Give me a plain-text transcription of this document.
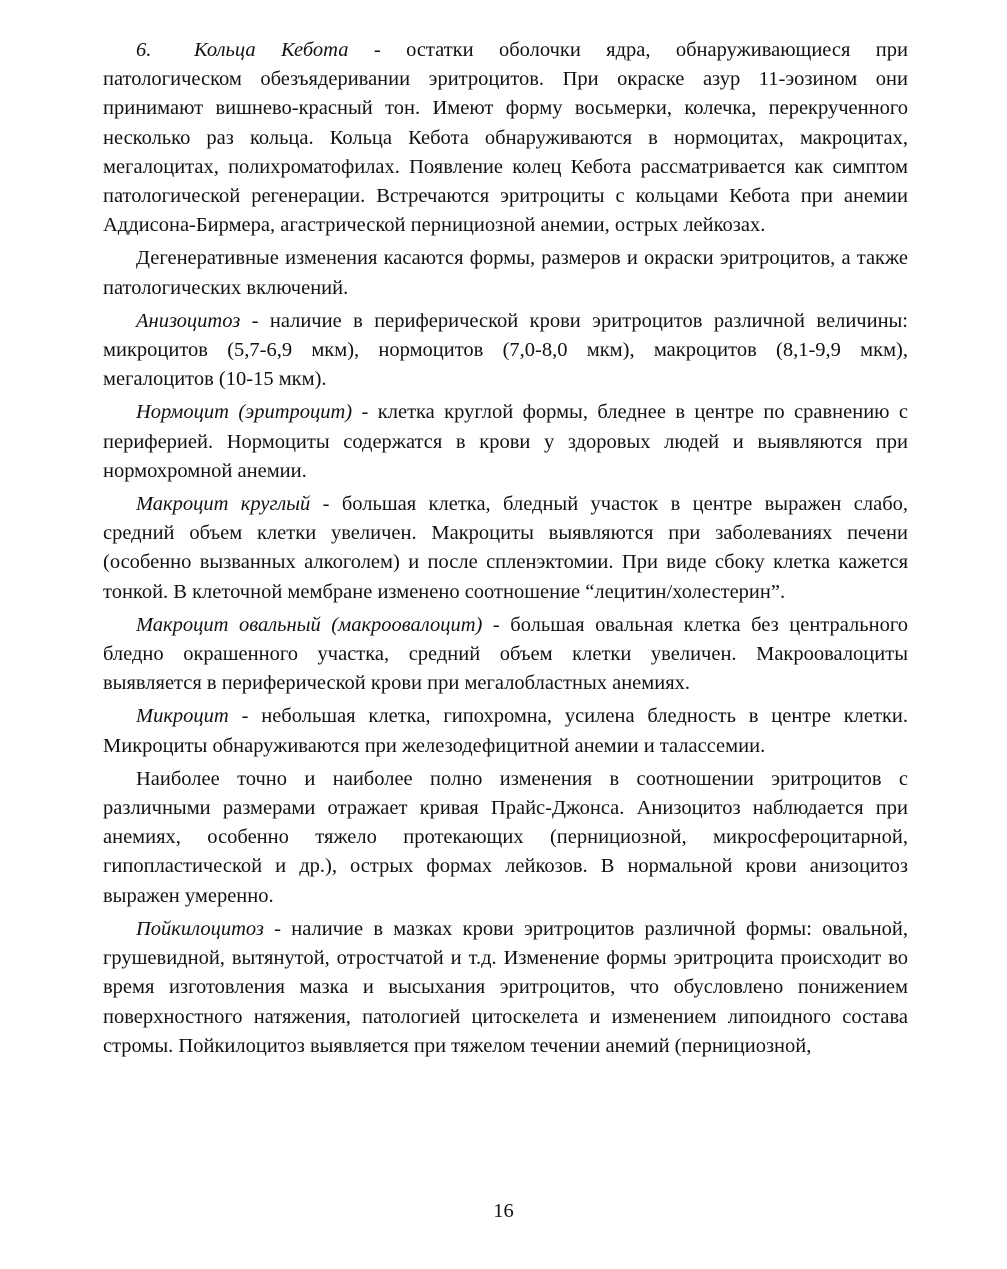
6. Кольца Кебота - остатки оболочки ядра, обнаруживающиеся при патологическом обезъядеривании эритроцитов. При окраске азур 11-эозином они принимают вишнево-красный тон. Имеют форму восьмерки, колечка, перекрученного несколько раз кольца. Кольца Кебота обнаруживаются в нормоцитах, макроцитах, мегалоцитах, полихроматофилах. Появление колец Кебота рассматривается как симптом патологической регенерации. Встречаются эритроциты с кольцами Кебота при анемии Аддисона-Бирмера, агастрической пернициозной анемии, острых лейкозах.

Дегенеративные изменения касаются формы, размеров и окраски эритроцитов, а также патологических включений.

Анизоцитоз - наличие в периферической крови эритроцитов различной величины: микроцитов (5,7-6,9 мкм), нормоцитов (7,0-8,0 мкм), макроцитов (8,1-9,9 мкм), мегалоцитов (10-15 мкм).

Нормоцит (эритроцит) - клетка круглой формы, бледнее в центре по сравнению с периферией. Нормоциты содержатся в крови у здоровых людей и выявляются при нормохромной анемии.

Макроцит круглый - большая клетка, бледный участок в центре выражен слабо, средний объем клетки увеличен. Макроциты выявляются при заболеваниях печени (особенно вызванных алкоголем) и после спленэктомии. При виде сбоку клетка кажется тонкой. В клеточной мембране изменено соотношение “лецитин/холестерин”.

Макроцит овальный (макроовалоцит) - большая овальная клетка без центрального бледно окрашенного участка, средний объем клетки увеличен. Макроовалоциты выявляется в периферической крови при мегалобластных анемиях.

Микроцит - небольшая клетка, гипохромна, усилена бледность в центре клетки. Микроциты обнаруживаются при железодефицитной анемии и талассемии.

Наиболее точно и наиболее полно изменения в соотношении эритроцитов с различными размерами отражает кривая Прайс-Джонса. Анизоцитоз наблюдается при анемиях, особенно тяжело протекающих (пернициозной, микросфероцитарной, гипопластической и др.), острых формах лейкозов. В нормальной крови анизоцитоз выражен умеренно.

Пойкилоцитоз - наличие в мазках крови эритроцитов различной формы: овальной, грушевидной, вытянутой, отростчатой и т.д. Изменение формы эритроцита происходит во время изготовления мазка и высыхания эритроцитов, что обусловлено понижением поверхностного натяжения, патологией цитоскелета и изменением липоидного состава стромы. Пойкилоцитоз выявляется при тяжелом течении анемий (пернициозной,

16
